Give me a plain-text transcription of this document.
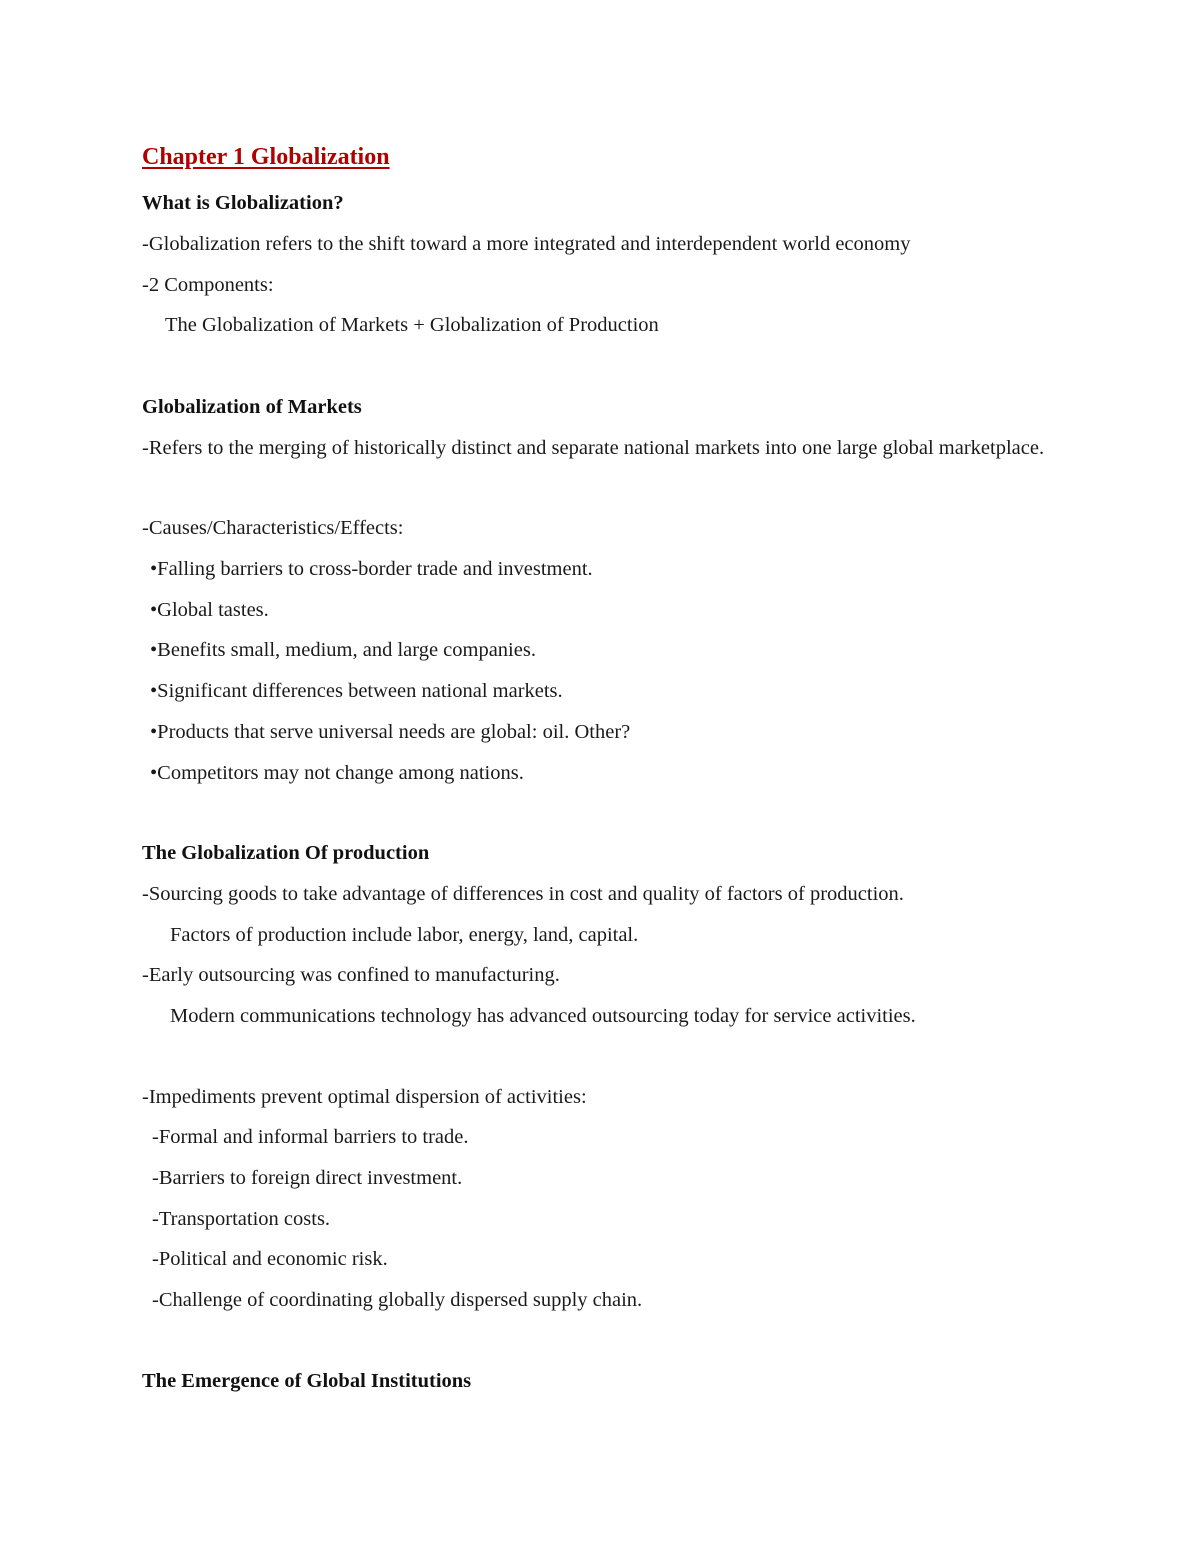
Chapter 1 Globalization
What is Globalization?
-Globalization refers to the shift toward a more integrated and interdependent world economy
-2 Components:
The Globalization of Markets + Globalization of Production
Globalization of Markets
-Refers to the merging of historically distinct and separate national markets into one large global marketplace.
-Causes/Characteristics/Effects:
•Falling barriers to cross-border trade and investment.
•Global tastes.
•Benefits small, medium, and large companies.
•Significant differences between national markets.
•Products that serve universal needs are global: oil. Other?
•Competitors may not change among nations.
The Globalization Of production
-Sourcing goods to take advantage of differences in cost and quality of factors of production.
Factors of production include labor, energy, land, capital.
-Early outsourcing was confined to manufacturing.
Modern communications technology has advanced outsourcing today for service activities.
-Impediments prevent optimal dispersion of activities:
-Formal and informal barriers to trade.
-Barriers to foreign direct investment.
-Transportation costs.
-Political and economic risk.
-Challenge of coordinating globally dispersed supply chain.
The Emergence of Global Institutions
